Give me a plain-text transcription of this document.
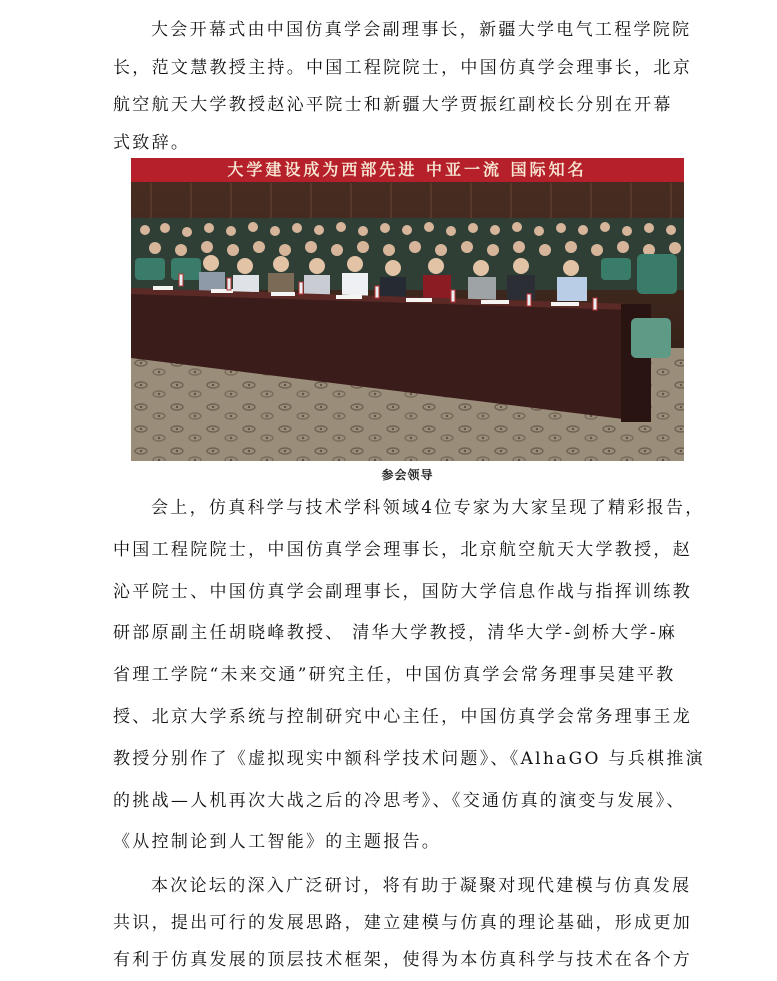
大会开幕式由中国仿真学会副理事长，新疆大学电气工程学院院
长，范文慧教授主持。中国工程院院士，中国仿真学会理事长，北京
航空航天大学教授赵沁平院士和新疆大学贾振红副校长分别在开幕
式致辞。
大学建设成为西部先进 中亚一流 国际知名
参会领导
会上，仿真科学与技术学科领域4位专家为大家呈现了精彩报告，
中国工程院院士，中国仿真学会理事长，北京航空航天大学教授，赵
沁平院士、中国仿真学会副理事长，国防大学信息作战与指挥训练教
研部原副主任胡晓峰教授、 清华大学教授，清华大学-剑桥大学-麻
省理工学院“未来交通”研究主任，中国仿真学会常务理事吴建平教
授、北京大学系统与控制研究中心主任，中国仿真学会常务理事王龙
教授分别作了《虚拟现实中额科学技术问题》、《AlhaGO 与兵棋推演
的挑战—人机再次大战之后的冷思考》、《交通仿真的演变与发展》、
《从控制论到人工智能》的主题报告。
本次论坛的深入广泛研讨，将有助于凝聚对现代建模与仿真发展
共识，提出可行的发展思路，建立建模与仿真的理论基础，形成更加
有利于仿真发展的顶层技术框架，使得为本仿真科学与技术在各个方
